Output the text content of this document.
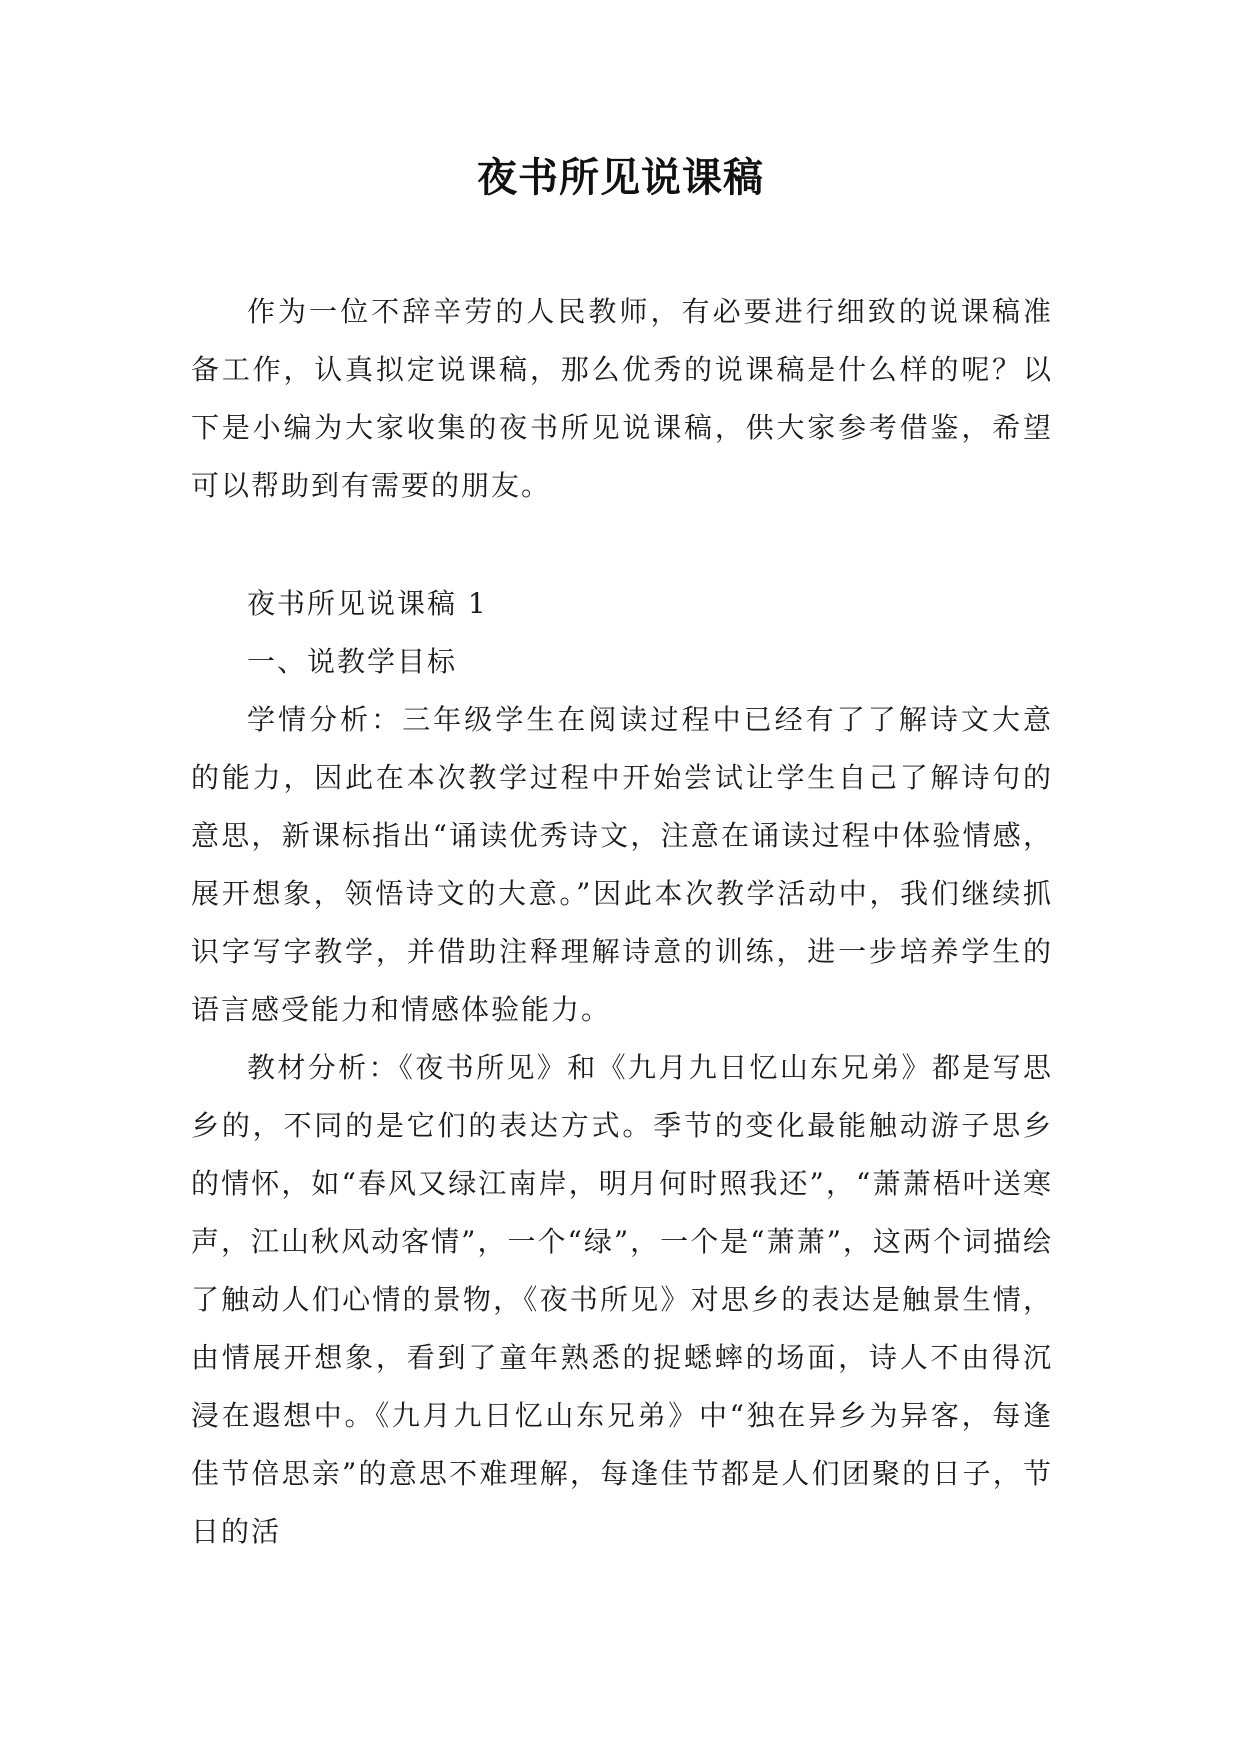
夜书所见说课稿

作为一位不辞辛劳的人民教师，有必要进行细致的说课稿准备工作，认真拟定说课稿，那么优秀的说课稿是什么样的呢？以下是小编为大家收集的夜书所见说课稿，供大家参考借鉴，希望可以帮助到有需要的朋友。

夜书所见说课稿 1

一、说教学目标

学情分析：三年级学生在阅读过程中已经有了了解诗文大意的能力，因此在本次教学过程中开始尝试让学生自己了解诗句的意思，新课标指出“诵读优秀诗文，注意在诵读过程中体验情感，展开想象，领悟诗文的大意。”因此本次教学活动中，我们继续抓识字写字教学，并借助注释理解诗意的训练，进一步培养学生的语言感受能力和情感体验能力。

教材分析：《夜书所见》和《九月九日忆山东兄弟》都是写思乡的，不同的是它们的表达方式。季节的变化最能触动游子思乡的情怀，如“春风又绿江南岸，明月何时照我还”，“萧萧梧叶送寒声，江山秋风动客情”，一个“绿”，一个是“萧萧”，这两个词描绘了触动人们心情的景物，《夜书所见》对思乡的表达是触景生情，由情展开想象，看到了童年熟悉的捉蟋蟀的场面，诗人不由得沉浸在遐想中。《九月九日忆山东兄弟》中“独在异乡为异客，每逢佳节倍思亲”的意思不难理解，每逢佳节都是人们团聚的日子，节日的活
